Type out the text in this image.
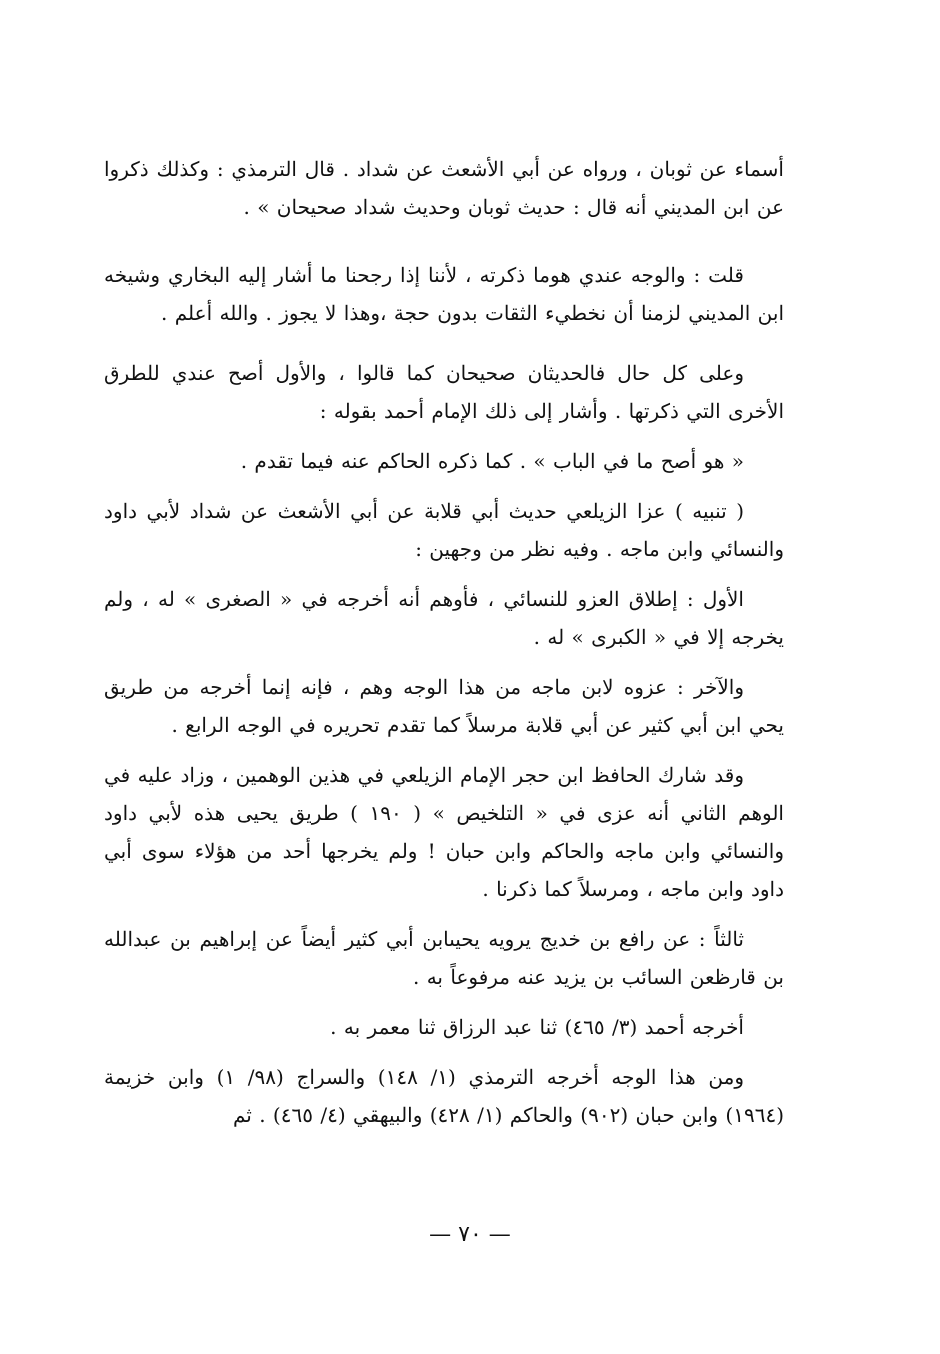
أسماء عن ثوبان ، ورواه عن أبي الأشعث عن شداد . قال الترمذي : وكذلك ذكروا عن ابن المديني أنه قال : حديث ثوبان وحديث شداد صحيحان » .

قلت : والوجه عندي هوما ذكرته ، لأننا إذا رجحنا ما أشار إليه البخاري وشيخه ابن المديني لزمنا أن نخطيء الثقات بدون حجة ،وهذا لا يجوز . والله أعلم .

وعلى كل حال فالحديثان صحيحان كما قالوا ، والأول أصح عندي للطرق الأخرى التي ذكرتها . وأشار إلى ذلك الإمام أحمد بقوله :

« هو أصح ما في الباب » . كما ذكره الحاكم عنه فيما تقدم .

( تنبيه ) عزا الزيلعي حديث أبي قلابة عن أبي الأشعث عن شداد لأبي داود والنسائي وابن ماجه . وفيه نظر من وجهين :

الأول : إطلاق العزو للنسائي ، فأوهم أنه أخرجه في « الصغرى » له ، ولم يخرجه إلا في « الكبرى » له .

والآخر : عزوه لابن ماجه من هذا الوجه وهم ، فإنه إنما أخرجه من طريق يحي ابن أبي كثير عن أبي قلابة مرسلاً كما تقدم تحريره في الوجه الرابع .

وقد شارك الحافظ ابن حجر الإمام الزيلعي في هذين الوهمين ، وزاد عليه في الوهم الثاني أنه عزى في « التلخيص » ( ١٩٠ ) طريق يحيى هذه لأبي داود والنسائي وابن ماجه والحاكم وابن حبان ! ولم يخرجها أحد من هؤلاء سوى أبي داود وابن ماجه ، ومرسلاً كما ذكرنا .

ثالثاً : عن رافع بن خديج يرويه يحيىابن أبي كثير أيضاً عن إبراهيم بن عبدالله بن قارظعن السائب بن يزيد عنه مرفوعاً به .

أخرجه أحمد (٣/ ٤٦٥) ثنا عبد الرزاق ثنا معمر به .

ومن هذا الوجه أخرجه الترمذي (١/ ١٤٨) والسراج (٩٨/ ١) وابن خزيمة (١٩٦٤) وابن حبان (٩٠٢) والحاكم (١/ ٤٢٨) والبيهقي (٤/ ٤٦٥) . ثم

— ٧٠ —
